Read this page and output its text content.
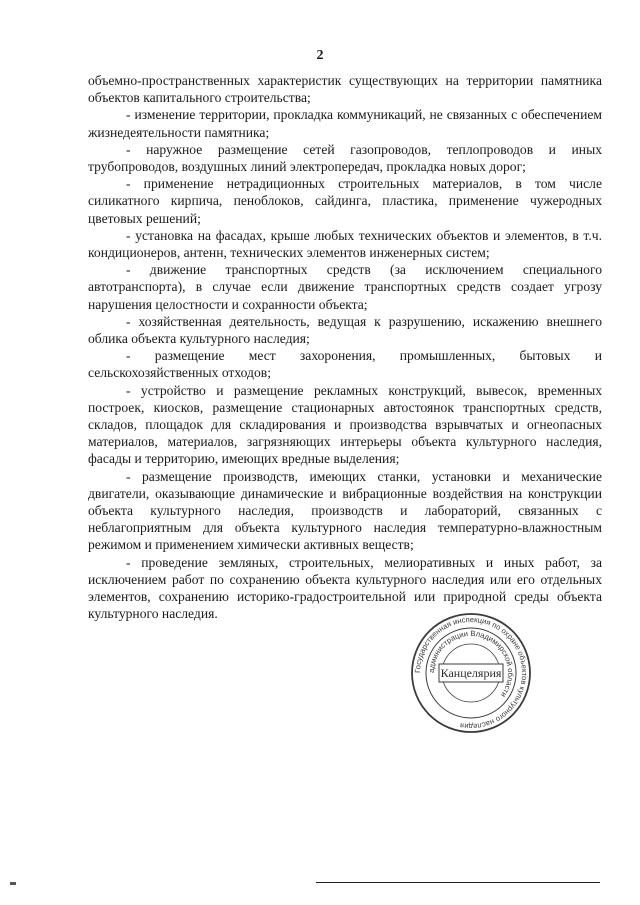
2

объемно-пространственных характеристик существующих на территории памятника объектов капитального строительства;

- изменение территории, прокладка коммуникаций, не связанных с обеспечением жизнедеятельности памятника;

- наружное размещение сетей газопроводов, теплопроводов и иных трубопроводов, воздушных линий электропередач, прокладка новых дорог;

- применение нетрадиционных строительных материалов, в том числе силикатного кирпича, пеноблоков, сайдинга, пластика, применение чужеродных цветовых решений;

- установка на фасадах, крыше любых технических объектов и элементов, в т.ч. кондиционеров, антенн, технических элементов инженерных систем;

- движение транспортных средств (за исключением специального автотранспорта), в случае если движение транспортных средств создает угрозу нарушения целостности и сохранности объекта;

- хозяйственная деятельность, ведущая к разрушению, искажению внешнего облика объекта культурного наследия;

- размещение мест захоронения, промышленных, бытовых и сельскохозяйственных отходов;

- устройство и размещение рекламных конструкций, вывесок, временных построек, киосков, размещение стационарных автостоянок транспортных средств, складов, площадок для складирования и производства взрывчатых и огнеопасных материалов, материалов, загрязняющих интерьеры объекта культурного наследия, фасады и территорию, имеющих вредные выделения;

- размещение производств, имеющих станки, установки и механические двигатели, оказывающие динамические и вибрационные воздействия на конструкции объекта культурного наследия, производств и лабораторий, связанных с неблагоприятным для объекта культурного наследия температурно-влажностным режимом и применением химически активных веществ;

- проведение земляных, строительных, мелиоративных и иных работ, за исключением работ по сохранению объекта культурного наследия или его отдельных элементов, сохранению историко-градостроительной или природной среды объекта культурного наследия.

Государственная инспекция по охране объектов культурного наследия
администрации Владимирской области
Канцелярия
